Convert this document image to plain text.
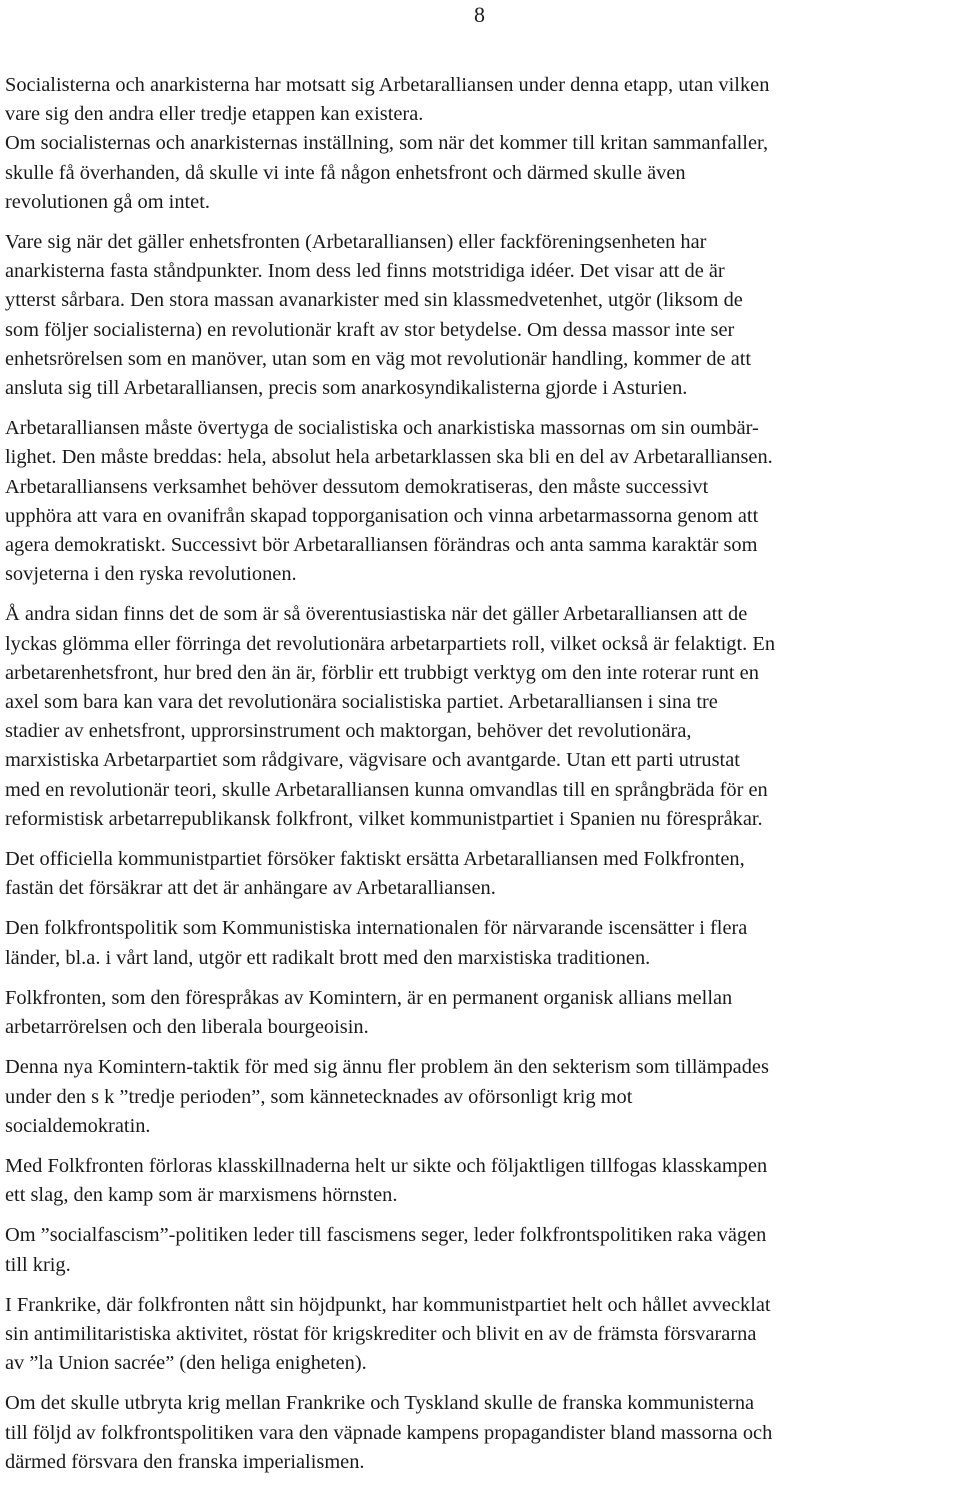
8

Socialisterna och anarkisterna har motsatt sig Arbetaralliansen under denna etapp, utan vilken
vare sig den andra eller tredje etappen kan existera.
Om socialisternas och anarkisternas inställning, som när det kommer till kritan sammanfaller,
skulle få överhanden, då skulle vi inte få någon enhetsfront och därmed skulle även
revolutionen gå om intet.

Vare sig när det gäller enhetsfronten (Arbetaralliansen) eller fackföreningsenheten har
anarkisterna fasta ståndpunkter. Inom dess led finns motstridiga idéer. Det visar att de är
ytterst sårbara. Den stora massan avanarkister med sin klassmedvetenhet, utgör (liksom de
som följer socialisterna) en revolutionär kraft av stor betydelse. Om dessa massor inte ser
enhetsrörelsen som en manöver, utan som en väg mot revolutionär handling, kommer de att
ansluta sig till Arbetaralliansen, precis som anarkosyndikalisterna gjorde i Asturien.

Arbetaralliansen måste övertyga de socialistiska och anarkistiska massornas om sin oumbär-
lighet. Den måste breddas: hela, absolut hela arbetarklassen ska bli en del av Arbetaralliansen.
Arbetaralliansens verksamhet behöver dessutom demokratiseras, den måste successivt
upphöra att vara en ovanifrån skapad topporganisation och vinna arbetarmassorna genom att
agera demokratiskt. Successivt bör Arbetaralliansen förändras och anta samma karaktär som
sovjeterna i den ryska revolutionen.

Å andra sidan finns det de som är så överentusiastiska när det gäller Arbetaralliansen att de
lyckas glömma eller förringa det revolutionära arbetarpartiets roll, vilket också är felaktigt. En
arbetarenhetsfront, hur bred den än är, förblir ett trubbigt verktyg om den inte roterar runt en
axel som bara kan vara det revolutionära socialistiska partiet. Arbetaralliansen i sina tre
stadier av enhetsfront, upprorsinstrument och maktorgan, behöver det revolutionära,
marxistiska Arbetarpartiet som rådgivare, vägvisare och avantgarde. Utan ett parti utrustat
med en revolutionär teori, skulle Arbetaralliansen kunna omvandlas till en språngbräda för en
reformistisk arbetarrepublikansk folkfront, vilket kommunistpartiet i Spanien nu förespråkar.

Det officiella kommunistpartiet försöker faktiskt ersätta Arbetaralliansen med Folkfronten,
fastän det försäkrar att det är anhängare av Arbetaralliansen.

Den folkfrontspolitik som Kommunistiska internationalen för närvarande iscensätter i flera
länder, bl.a. i vårt land, utgör ett radikalt brott med den marxistiska traditionen.

Folkfronten, som den förespråkas av Komintern, är en permanent organisk allians mellan
arbetarrörelsen och den liberala bourgeoisin.

Denna nya Komintern-taktik för med sig ännu fler problem än den sekterism som tillämpades
under den s k ”tredje perioden”, som kännetecknades av oförsonligt krig mot
socialdemokratin.

Med Folkfronten förloras klasskillnaderna helt ur sikte och följaktligen tillfogas klasskampen
ett slag, den kamp som är marxismens hörnsten.

Om ”socialfascism”-politiken leder till fascismens seger, leder folkfrontspolitiken raka vägen
till krig.

I Frankrike, där folkfronten nått sin höjdpunkt, har kommunistpartiet helt och hållet avvecklat
sin antimilitaristiska aktivitet, röstat för krigskrediter och blivit en av de främsta försvararna
av ”la Union sacrée” (den heliga enigheten).

Om det skulle utbryta krig mellan Frankrike och Tyskland skulle de franska kommunisterna
till följd av folkfrontspolitiken vara den väpnade kampens propagandister bland massorna och
därmed försvara den franska imperialismen.
